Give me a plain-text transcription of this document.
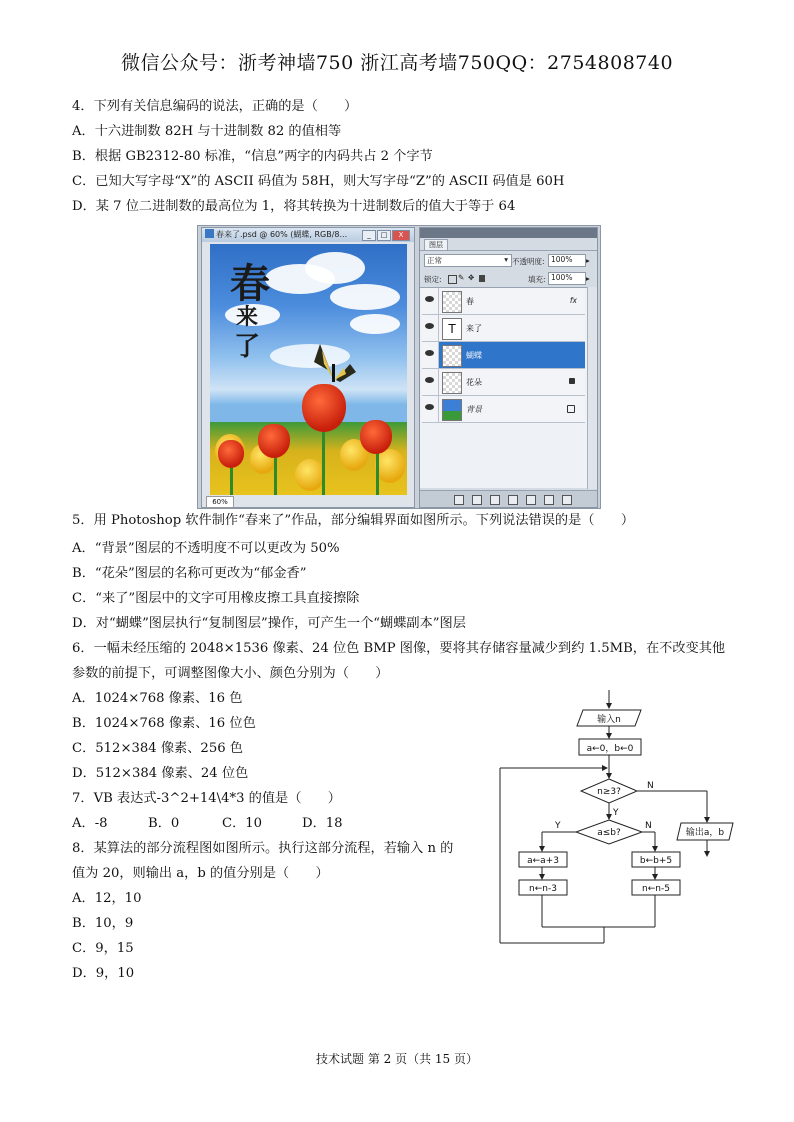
微信公众号：浙考神墙750 浙江高考墙750QQ：2754808740
4．下列有关信息编码的说法，正确的是（　　）
A．十六进制数 82H 与十进制数 82 的值相等
B．根据 GB2312-80 标准，“信息”两字的内码共占 2 个字节
C．已知大写字母“X”的 ASCII 码值为 58H，则大写字母“Z”的 ASCII 码值是 60H
D．某 7 位二进制数的最高位为 1，将其转换为十进制数后的值大于等于 64
春来了.psd @ 60% (蝴蝶, RGB/8...	_	□	X
春
来
了
60%
图层
正常	▾ 不透明度: 100%	▸
锁定: ✎ ✥	填充: 100%	▸
春	fx
T	来了
蝴蝶
花朵
背景
5．用 Photoshop 软件制作“春来了”作品，部分编辑界面如图所示。下列说法错误的是（　　）
A．“背景”图层的不透明度不可以更改为 50%
B．“花朵”图层的名称可更改为“郁金香”
C．“来了”图层中的文字可用橡皮擦工具直接擦除
D．对“蝴蝶”图层执行“复制图层”操作，可产生一个“蝴蝶副本”图层
6．一幅未经压缩的 2048×1536 像素、24 位色 BMP 图像，要将其存储容量减少到约 1.5MB，在不改变其他
参数的前提下，可调整图像大小、颜色分别为（　　）
A．1024×768 像素、16 色
B．1024×768 像素、16 位色
C．512×384 像素、256 色
D．512×384 像素、24 位色
7．VB 表达式-3^2+14\4*3 的值是（　　）
A．-8	B．0	C．10	D．18
8．某算法的部分流程图如图所示。执行这部分流程，若输入 n 的
值为 20，则输出 a，b 的值分别是（　　）
A．12，10
B．10，9
C．9，15
D．9，10
输入n
a←0，b←0
n≥3?
N
Y
a≤b?
Y	N
a←a+3
n←n-3
b←b+5
n←n-5
输出a，b
技术试题 第 2 页（共 15 页）
